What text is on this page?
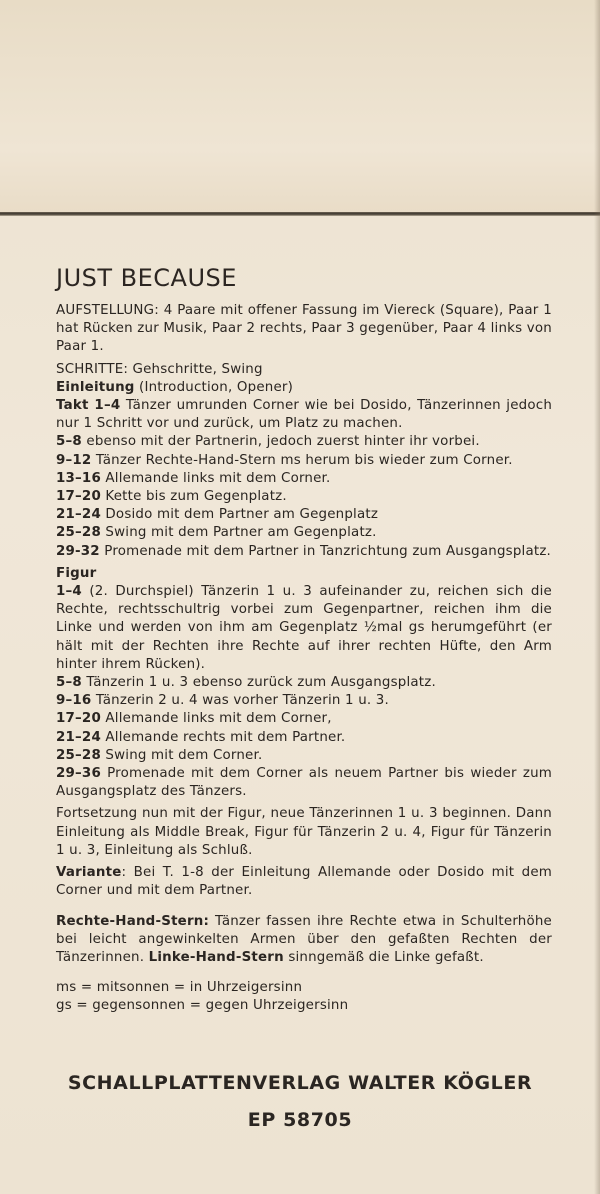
JUST BECAUSE

AUFSTELLUNG: 4 Paare mit offener Fassung im Viereck (Square), Paar 1 hat Rücken zur Musik, Paar 2 rechts, Paar 3 gegenüber, Paar 4 links von Paar 1.

SCHRITTE: Gehschritte, Swing

Einleitung (Introduction, Opener)

Takt 1–4 Tänzer umrunden Corner wie bei Dosido, Tänzerinnen jedoch nur 1 Schritt vor und zurück, um Platz zu machen.

5–8 ebenso mit der Partnerin, jedoch zuerst hinter ihr vorbei.

9–12 Tänzer Rechte-Hand-Stern ms herum bis wieder zum Corner.

13–16 Allemande links mit dem Corner.

17–20 Kette bis zum Gegenplatz.

21–24 Dosido mit dem Partner am Gegenplatz

25–28 Swing mit dem Partner am Gegenplatz.

29-32 Promenade mit dem Partner in Tanzrichtung zum Ausgangsplatz.

Figur

1–4 (2. Durchspiel) Tänzerin 1 u. 3 aufeinander zu, reichen sich die Rechte, rechtsschultrig vorbei zum Gegenpartner, reichen ihm die Linke und werden von ihm am Gegenplatz ½mal gs herumgeführt (er hält mit der Rechten ihre Rechte auf ihrer rechten Hüfte, den Arm hinter ihrem Rücken).

5–8 Tänzerin 1 u. 3 ebenso zurück zum Ausgangsplatz.

9–16 Tänzerin 2 u. 4 was vorher Tänzerin 1 u. 3.

17–20 Allemande links mit dem Corner,

21–24 Allemande rechts mit dem Partner.

25–28 Swing mit dem Corner.

29–36 Promenade mit dem Corner als neuem Partner bis wieder zum Ausgangsplatz des Tänzers.

Fortsetzung nun mit der Figur, neue Tänzerinnen 1 u. 3 beginnen. Dann Einleitung als Middle Break, Figur für Tänzerin 2 u. 4, Figur für Tänzerin 1 u. 3, Einleitung als Schluß.

Variante: Bei T. 1-8 der Einleitung Allemande oder Dosido mit dem Corner und mit dem Partner.

Rechte-Hand-Stern: Tänzer fassen ihre Rechte etwa in Schulterhöhe bei leicht angewinkelten Armen über den gefaßten Rechten der Tänzerinnen. Linke-Hand-Stern sinngemäß die Linke gefaßt.

ms = mitsonnen = in Uhrzeigersinn

gs = gegensonnen = gegen Uhrzeigersinn

SCHALLPLATTENVERLAG WALTER KÖGLER
EP 58705
